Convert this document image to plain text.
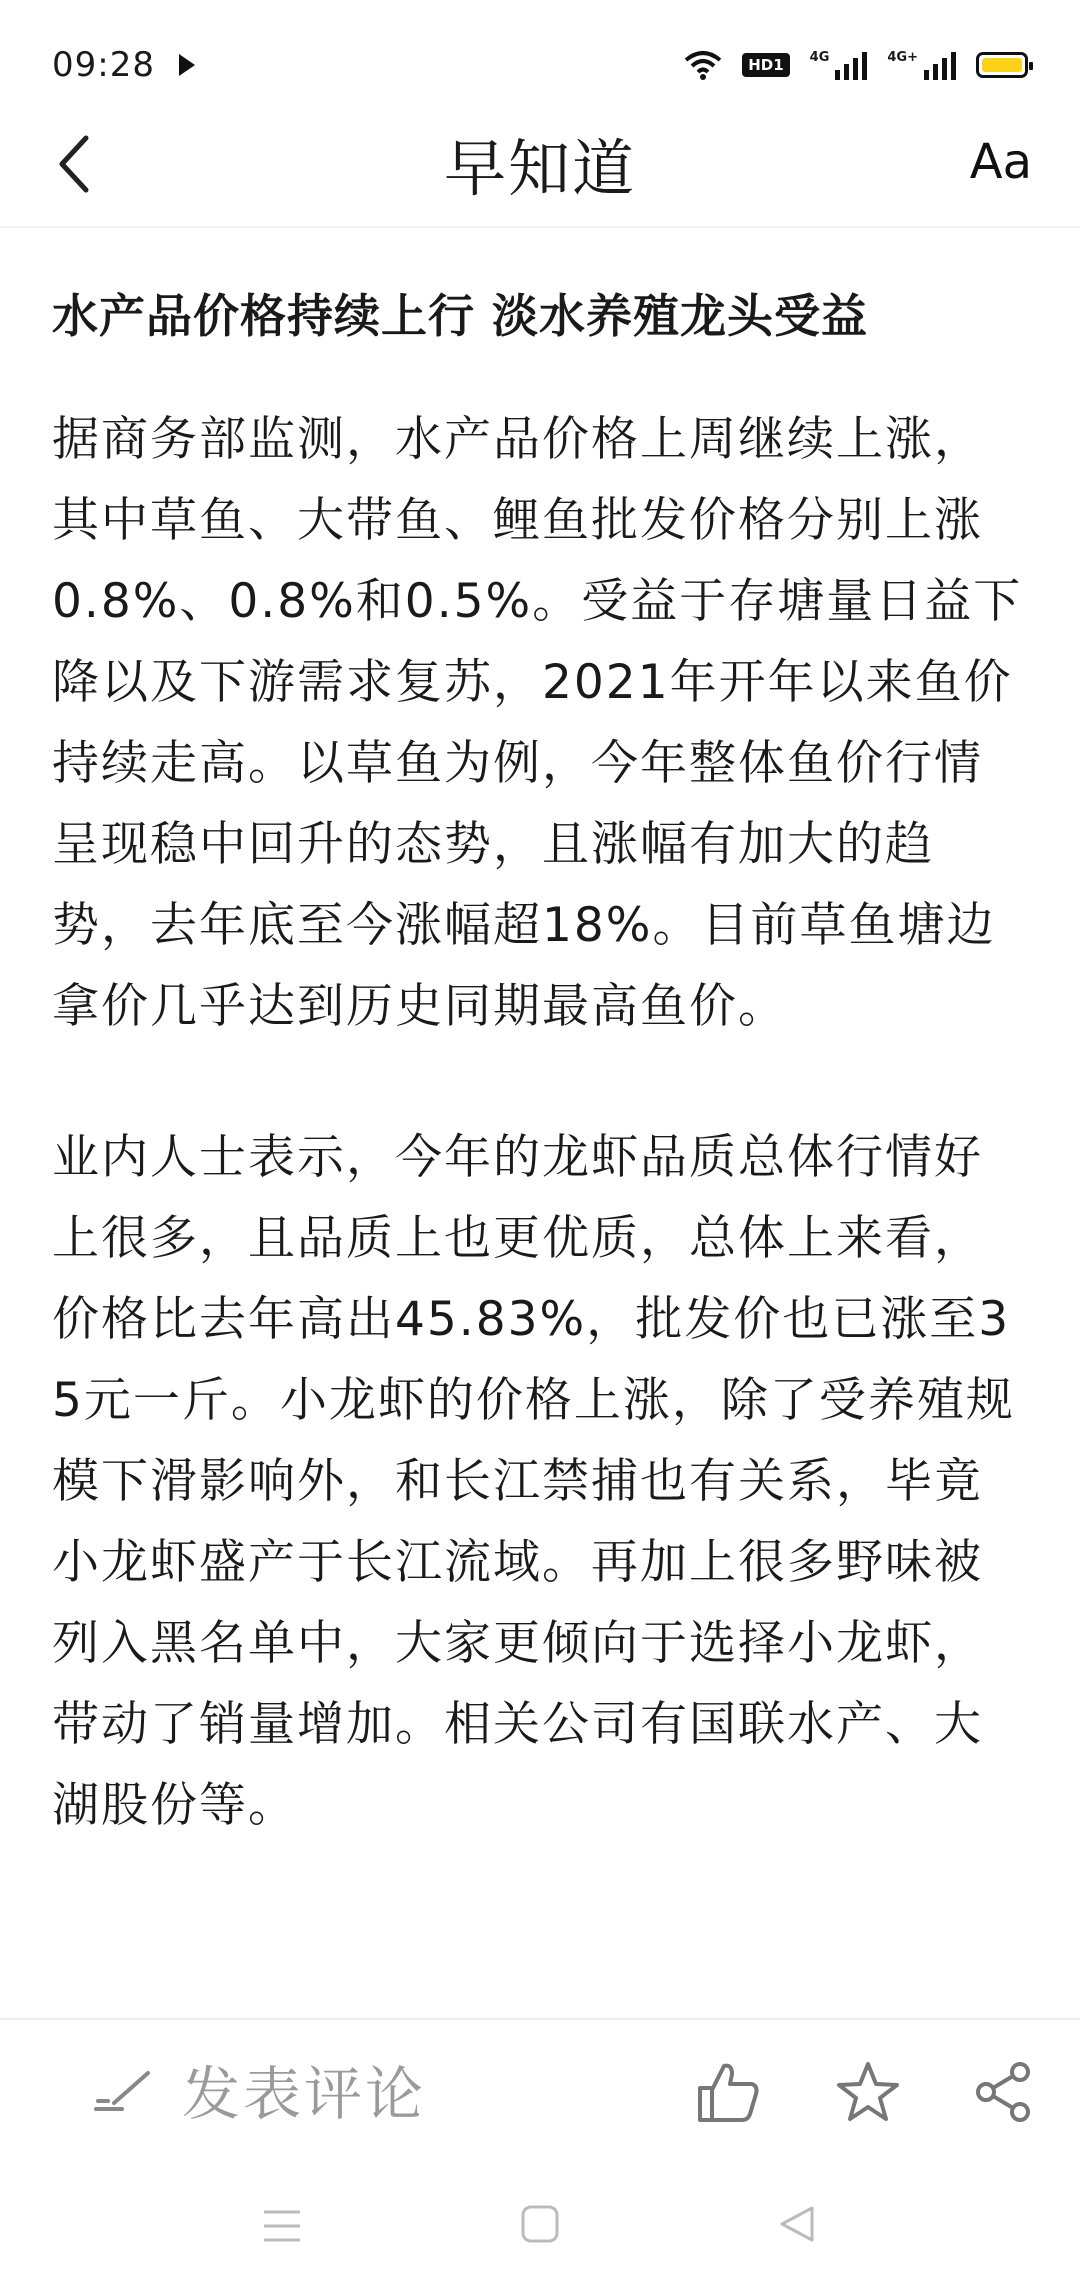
09:28	HD1	4G	4G+
早知道	Aa
水产品价格持续上行 淡水养殖龙头受益

据商务部监测，水产品价格上周继续上涨，其中草鱼、大带鱼、鲤鱼批发价格分别上涨0.8%、0.8%和0.5%。受益于存塘量日益下降以及下游需求复苏，2021年开年以来鱼价持续走高。以草鱼为例，今年整体鱼价行情呈现稳中回升的态势，且涨幅有加大的趋势，去年底至今涨幅超18%。目前草鱼塘边拿价几乎达到历史同期最高鱼价。

业内人士表示，今年的龙虾品质总体行情好上很多，且品质上也更优质，总体上来看，价格比去年高出45.83%，批发价也已涨至35元一斤。小龙虾的价格上涨，除了受养殖规模下滑影响外，和长江禁捕也有关系，毕竟小龙虾盛产于长江流域。再加上很多野味被列入黑名单中，大家更倾向于选择小龙虾，带动了销量增加。相关公司有国联水产、大湖股份等。

发表评论
